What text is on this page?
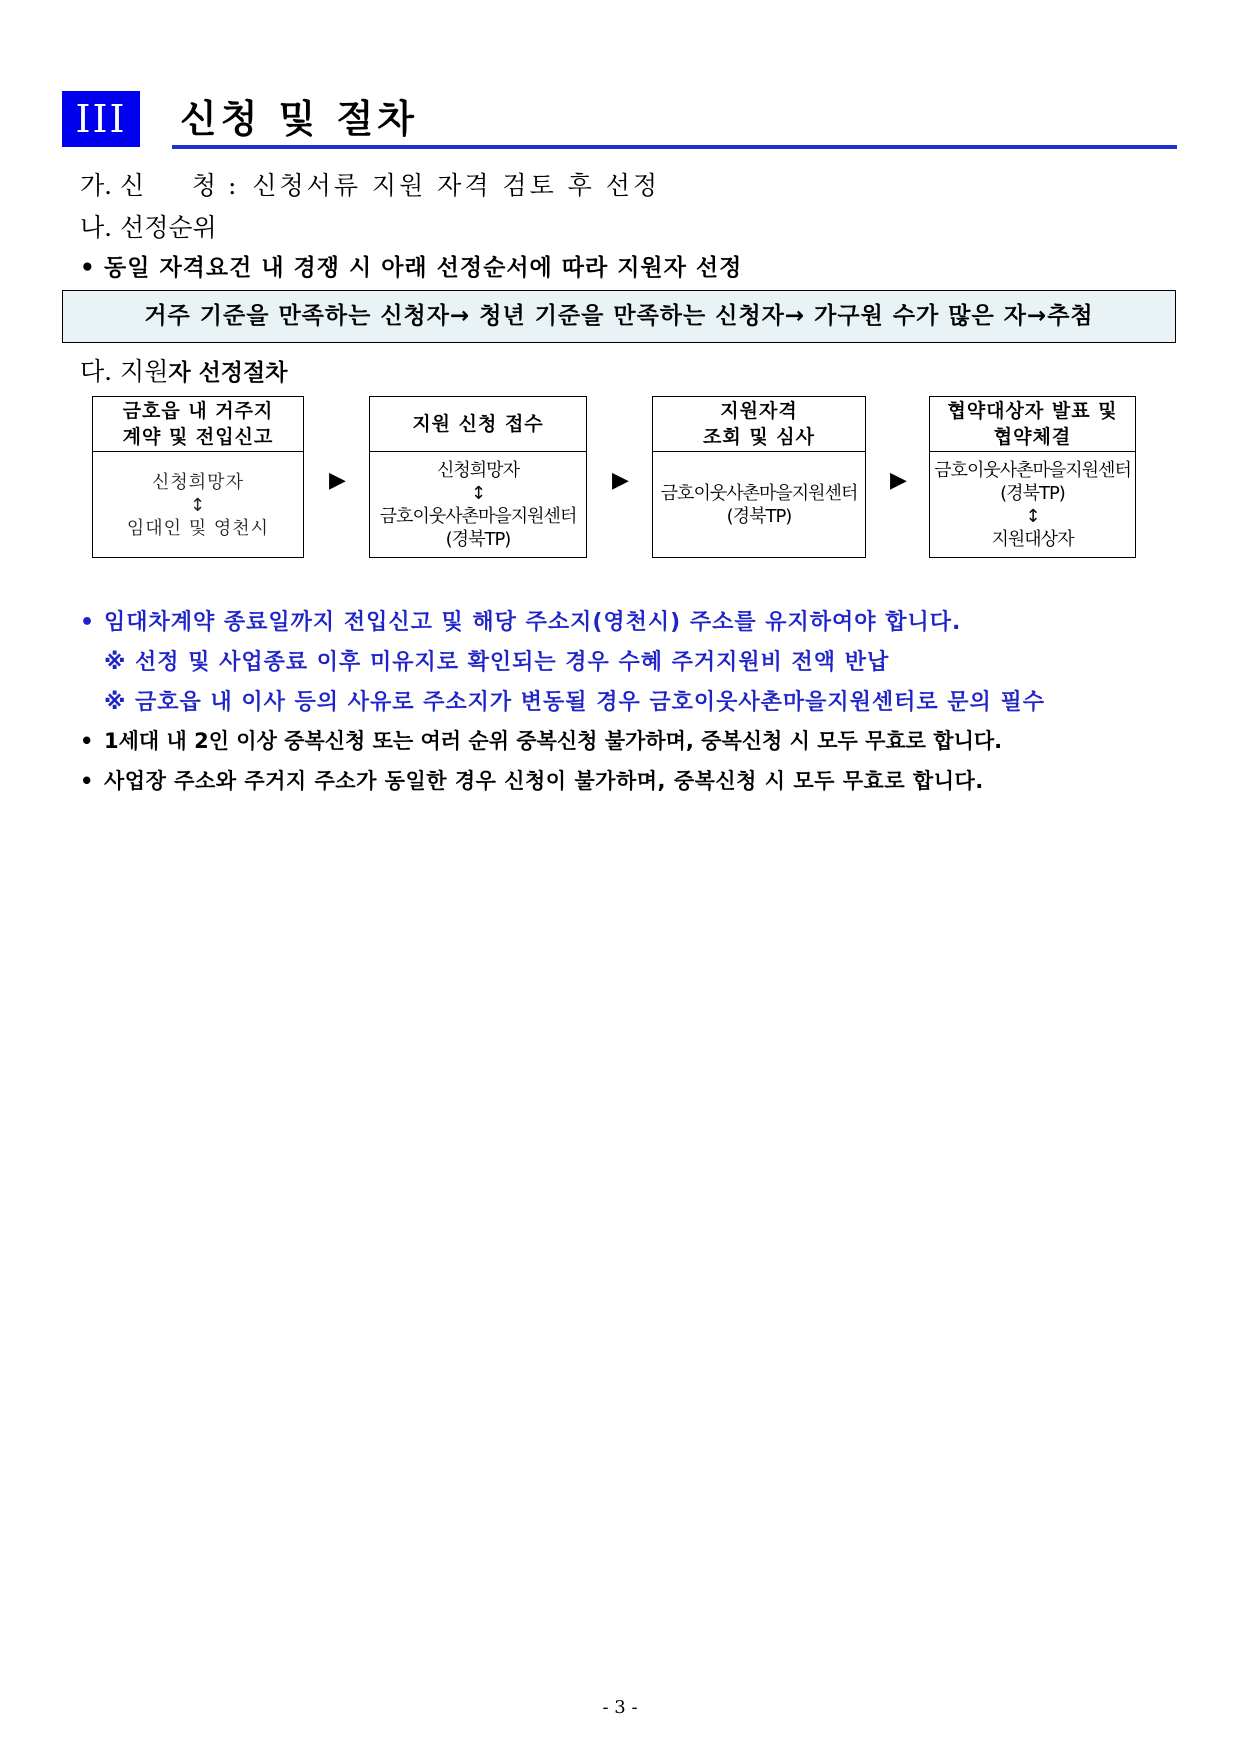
III	신청 및 절차
가. 신      청 : 신청서류 지원 자격 검토 후 선정
나. 선정순위
• 동일 자격요건 내 경쟁 시 아래 선정순서에 따라 지원자 선정
거주 기준을 만족하는 신청자→ 청년 기준을 만족하는 신청자→ 가구원 수가 많은 자→추첨
다. 지원자 선정절차
금호읍 내 거주지
계약 및 전입신고
신청희망자
↕
임대인 및 영천시
▶
지원 신청 접수
신청희망자
↕
금호이웃사촌마을지원센터
(경북TP)
▶
지원자격
조회 및 심사
금호이웃사촌마을지원센터
(경북TP)
▶
협약대상자 발표 및
협약체결
금호이웃사촌마을지원센터
(경북TP)
↕
지원대상자
• 임대차계약 종료일까지 전입신고 및 해당 주소지(영천시) 주소를 유지하여야 합니다.
※ 선정 및 사업종료 이후 미유지로 확인되는 경우 수혜 주거지원비 전액 반납
※ 금호읍 내 이사 등의 사유로 주소지가 변동될 경우 금호이웃사촌마을지원센터로 문의 필수
• 1세대 내 2인 이상 중복신청 또는 여러 순위 중복신청 불가하며, 중복신청 시 모두 무효로 합니다.
• 사업장 주소와 주거지 주소가 동일한 경우 신청이 불가하며, 중복신청 시 모두 무효로 합니다.
- 3 -
